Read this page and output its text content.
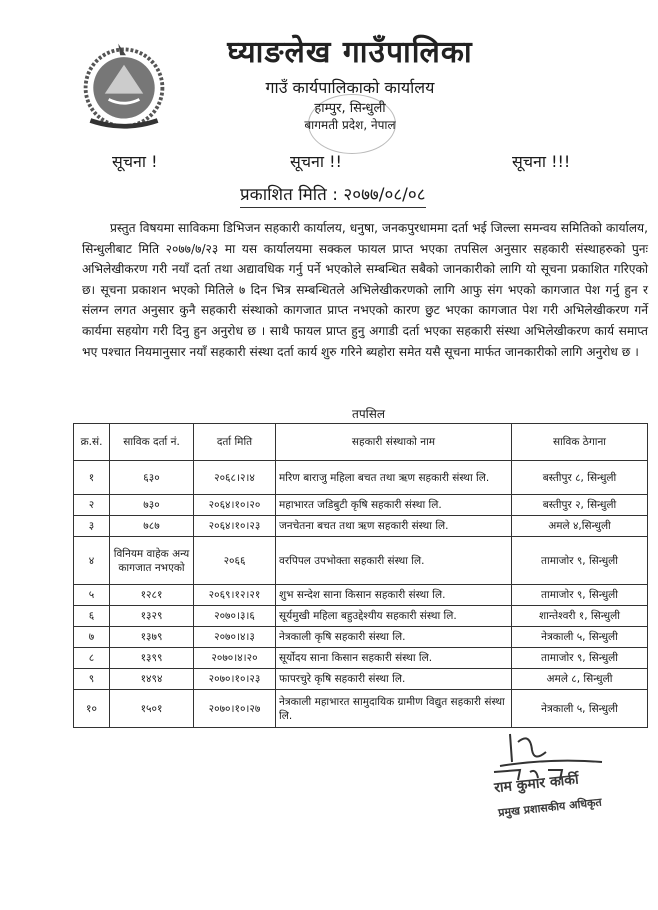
घ्याङलेख गाउँपालिका
गाउँ कार्यपालिकाको कार्यालय
हाम्पुर, सिन्धुली
बागमती प्रदेश, नेपाल
सूचना !	सूचना !!	सूचना !!!
प्रकाशित मिति : २०७७/०८/०८
प्रस्तुत विषयमा साविकमा डिभिजन सहकारी कार्यालय, धनुषा, जनकपुरधाममा दर्ता भई जिल्ला समन्वय समितिको कार्यालय, सिन्धुलीबाट मिति २०७७/७/२३ मा यस कार्यालयमा सक्कल फायल प्राप्त भएका तपसिल अनुसार सहकारी संस्थाहरुको पुनः अभिलेखीकरण गरी नयाँ दर्ता तथा अद्यावधिक गर्नु पर्ने भएकोले सम्बन्धित सबैको जानकारीको लागि यो सूचना प्रकाशित गरिएको छ। सूचना प्रकाशन भएको मितिले ७ दिन भित्र सम्बन्धितले अभिलेखीकरणको लागि आफु संग भएको कागजात पेश गर्नु हुन र संलग्न लगत अनुसार कुनै सहकारी संस्थाको कागजात प्राप्त नभएको कारण छुट भएका कागजात पेश गरी अभिलेखीकरण गर्ने कार्यमा सहयोग गरी दिनु हुन अनुरोध छ । साथै फायल प्राप्त हुनु अगाडी दर्ता भएका सहकारी संस्था अभिलेखीकरण कार्य समाप्त भए पश्चात नियमानुसार नयाँ सहकारी संस्था दर्ता कार्य शुरु गरिने ब्यहोरा समेत यसै सूचना मार्फत जानकारीको लागि अनुरोध छ ।
तपसिल
क्र.सं.	साविक दर्ता नं.	दर्ता मिति	सहकारी संस्थाको नाम	साविक ठेगाना
१	६३०	२०६८।२।४	मरिण बाराजु महिला बचत तथा ऋण सहकारी संस्था लि.	बस्तीपुर ८, सिन्धुली
२	७३०	२०६४।१०।२०	महाभारत जडिबुटी कृषि सहकारी संस्था लि.	बस्तीपुर २, सिन्धुली
३	७८७	२०६४।१०।२३	जनचेतना बचत तथा ऋण सहकारी संस्था लि.	अमले ४,सिन्धुली
४	विनियम वाहेक अन्य कागजात नभएको	२०६६	वरपिपल उपभोक्ता सहकारी संस्था लि.	तामाजोर ९, सिन्धुली
५	१२८१	२०६९।१२।२१	शुभ सन्देश साना किसान सहकारी संस्था लि.	तामाजोर ९, सिन्धुली
६	१३२९	२०७०।३।६	सूर्यमुखी महिला बहुउद्देश्यीय सहकारी संस्था लि.	शान्तेश्वरी १, सिन्धुली
७	१३७९	२०७०।४।३	नेत्रकाली कृषि सहकारी संस्था लि.	नेत्रकाली ५, सिन्धुली
८	१३९९	२०७०।४।२०	सूर्योदय साना किसान सहकारी संस्था लि.	तामाजोर ९, सिन्धुली
९	१४९४	२०७०।१०।२३	फापरचुरे कृषि सहकारी संस्था लि.	अमले ८, सिन्धुली
१०	१५०१	२०७०।१०।२७	नेत्रकाली महाभारत सामुदायिक ग्रामीण विद्युत सहकारी संस्था लि.	नेत्रकाली ५, सिन्धुली
राम कुमार कार्की
प्रमुख प्रशासकीय अधिकृत
